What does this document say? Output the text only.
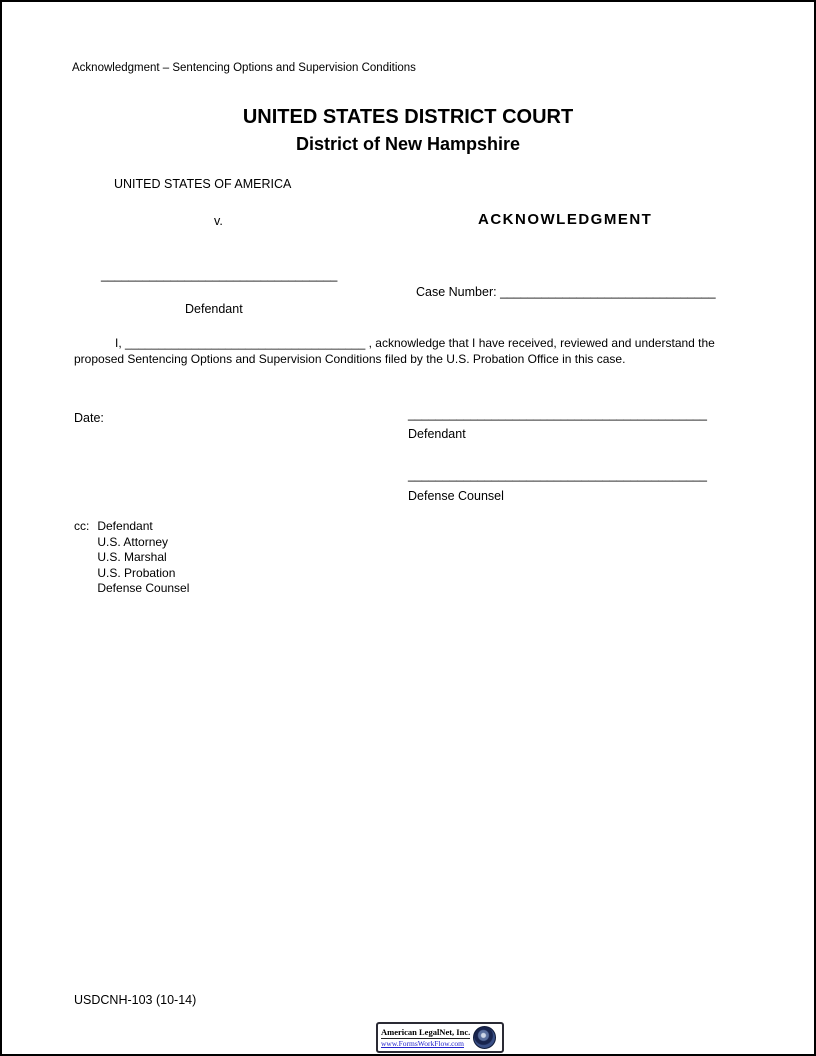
Acknowledgment – Sentencing Options and Supervision Conditions
UNITED STATES DISTRICT COURT
District of New Hampshire
UNITED STATES OF AMERICA
v.	ACKNOWLEDGMENT
__________________________________
Defendant
Case Number: _______________________________

I, ____________________________________ , acknowledge that I have received, reviewed and understand the proposed Sentencing Options and Supervision Conditions filed by the U.S. Probation Office in this case.

Date:	___________________________________________
Defendant
___________________________________________
Defense Counsel
cc: Defendant
U.S. Attorney
U.S. Marshal
U.S. Probation
Defense Counsel
USDCNH-103 (10-14)
American LegalNet, Inc.
www.FormsWorkFlow.com
